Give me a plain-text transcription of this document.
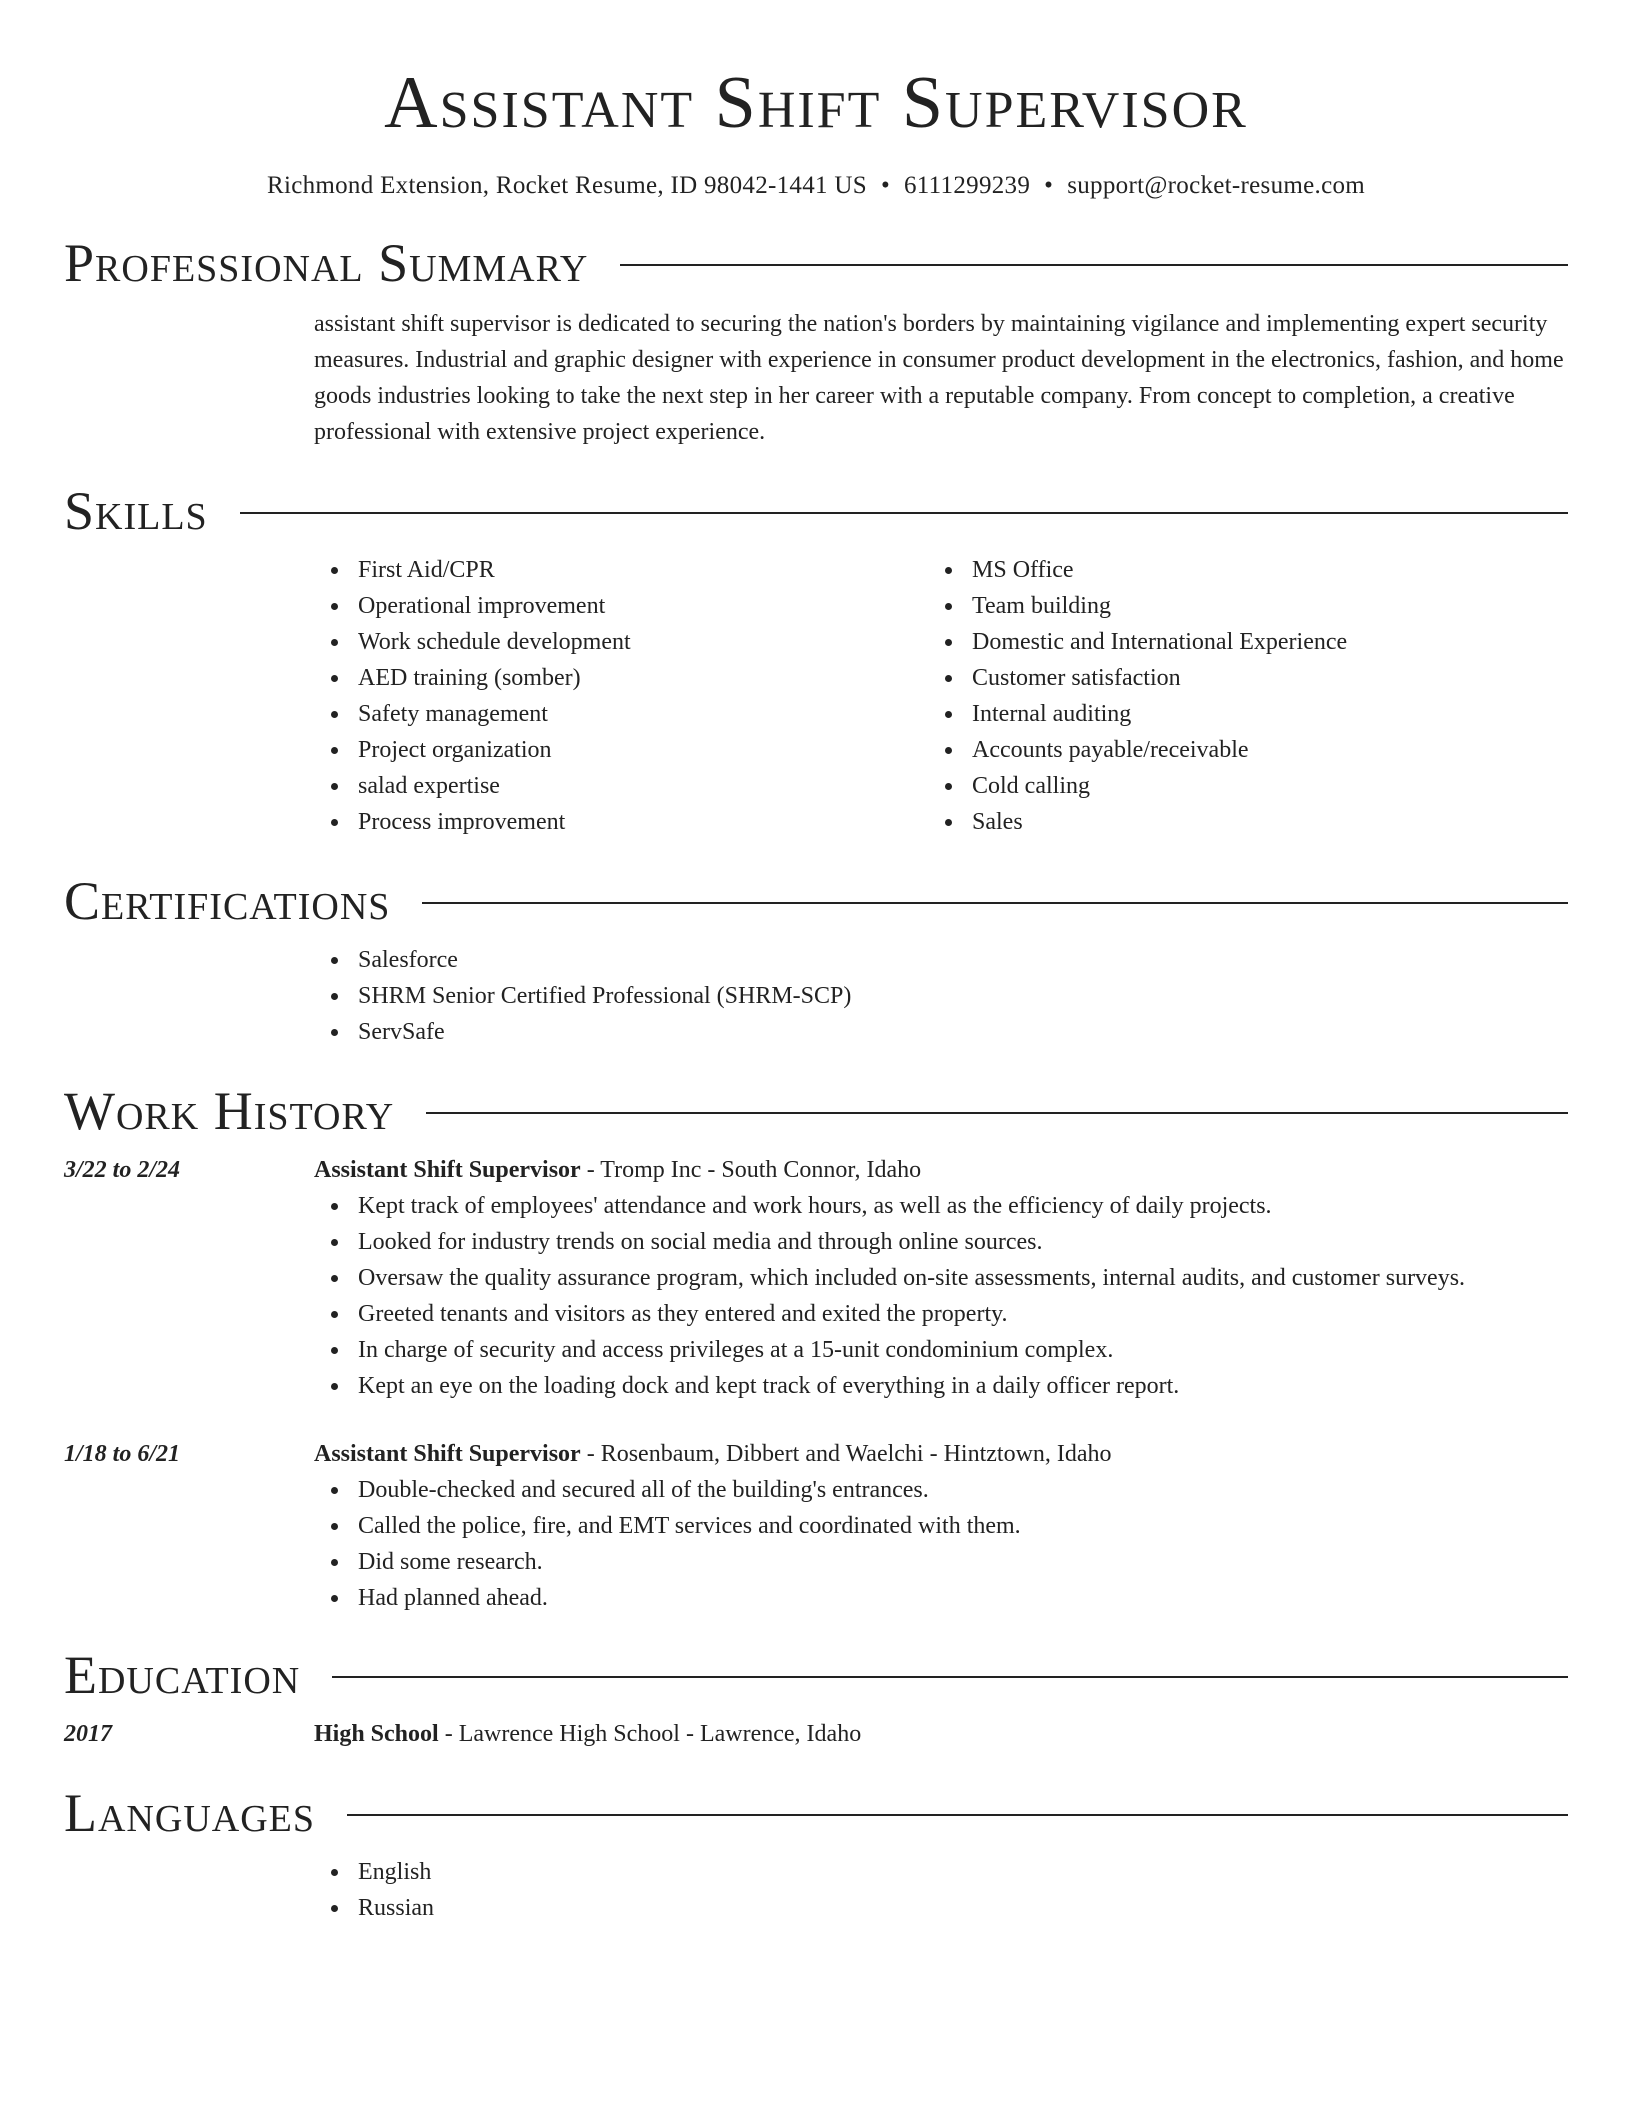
Assistant Shift Supervisor
Richmond Extension, Rocket Resume, ID 98042-1441 US • 6111299239 • support@rocket-resume.com
Professional Summary

assistant shift supervisor is dedicated to securing the nation's borders by maintaining vigilance and implementing expert security measures. Industrial and graphic designer with experience in consumer product development in the electronics, fashion, and home goods industries looking to take the next step in her career with a reputable company. From concept to completion, a creative professional with extensive project experience.

Skills
First Aid/CPR
Operational improvement
Work schedule development
AED training (somber)
Safety management
Project organization
salad expertise
Process improvement
MS Office
Team building
Domestic and International Experience
Customer satisfaction
Internal auditing
Accounts payable/receivable
Cold calling
Sales
Certifications
Salesforce
SHRM Senior Certified Professional (SHRM-SCP)
ServSafe
Work History
3/22 to 2/24	Assistant Shift Supervisor - Tromp Inc - South Connor, Idaho
Kept track of employees' attendance and work hours, as well as the efficiency of daily projects.
Looked for industry trends on social media and through online sources.
Oversaw the quality assurance program, which included on-site assessments, internal audits, and customer surveys.
Greeted tenants and visitors as they entered and exited the property.
In charge of security and access privileges at a 15-unit condominium complex.
Kept an eye on the loading dock and kept track of everything in a daily officer report.
1/18 to 6/21	Assistant Shift Supervisor - Rosenbaum, Dibbert and Waelchi - Hintztown, Idaho
Double-checked and secured all of the building's entrances.
Called the police, fire, and EMT services and coordinated with them.
Did some research.
Had planned ahead.
Education
2017	High School - Lawrence High School - Lawrence, Idaho
Languages
English
Russian
